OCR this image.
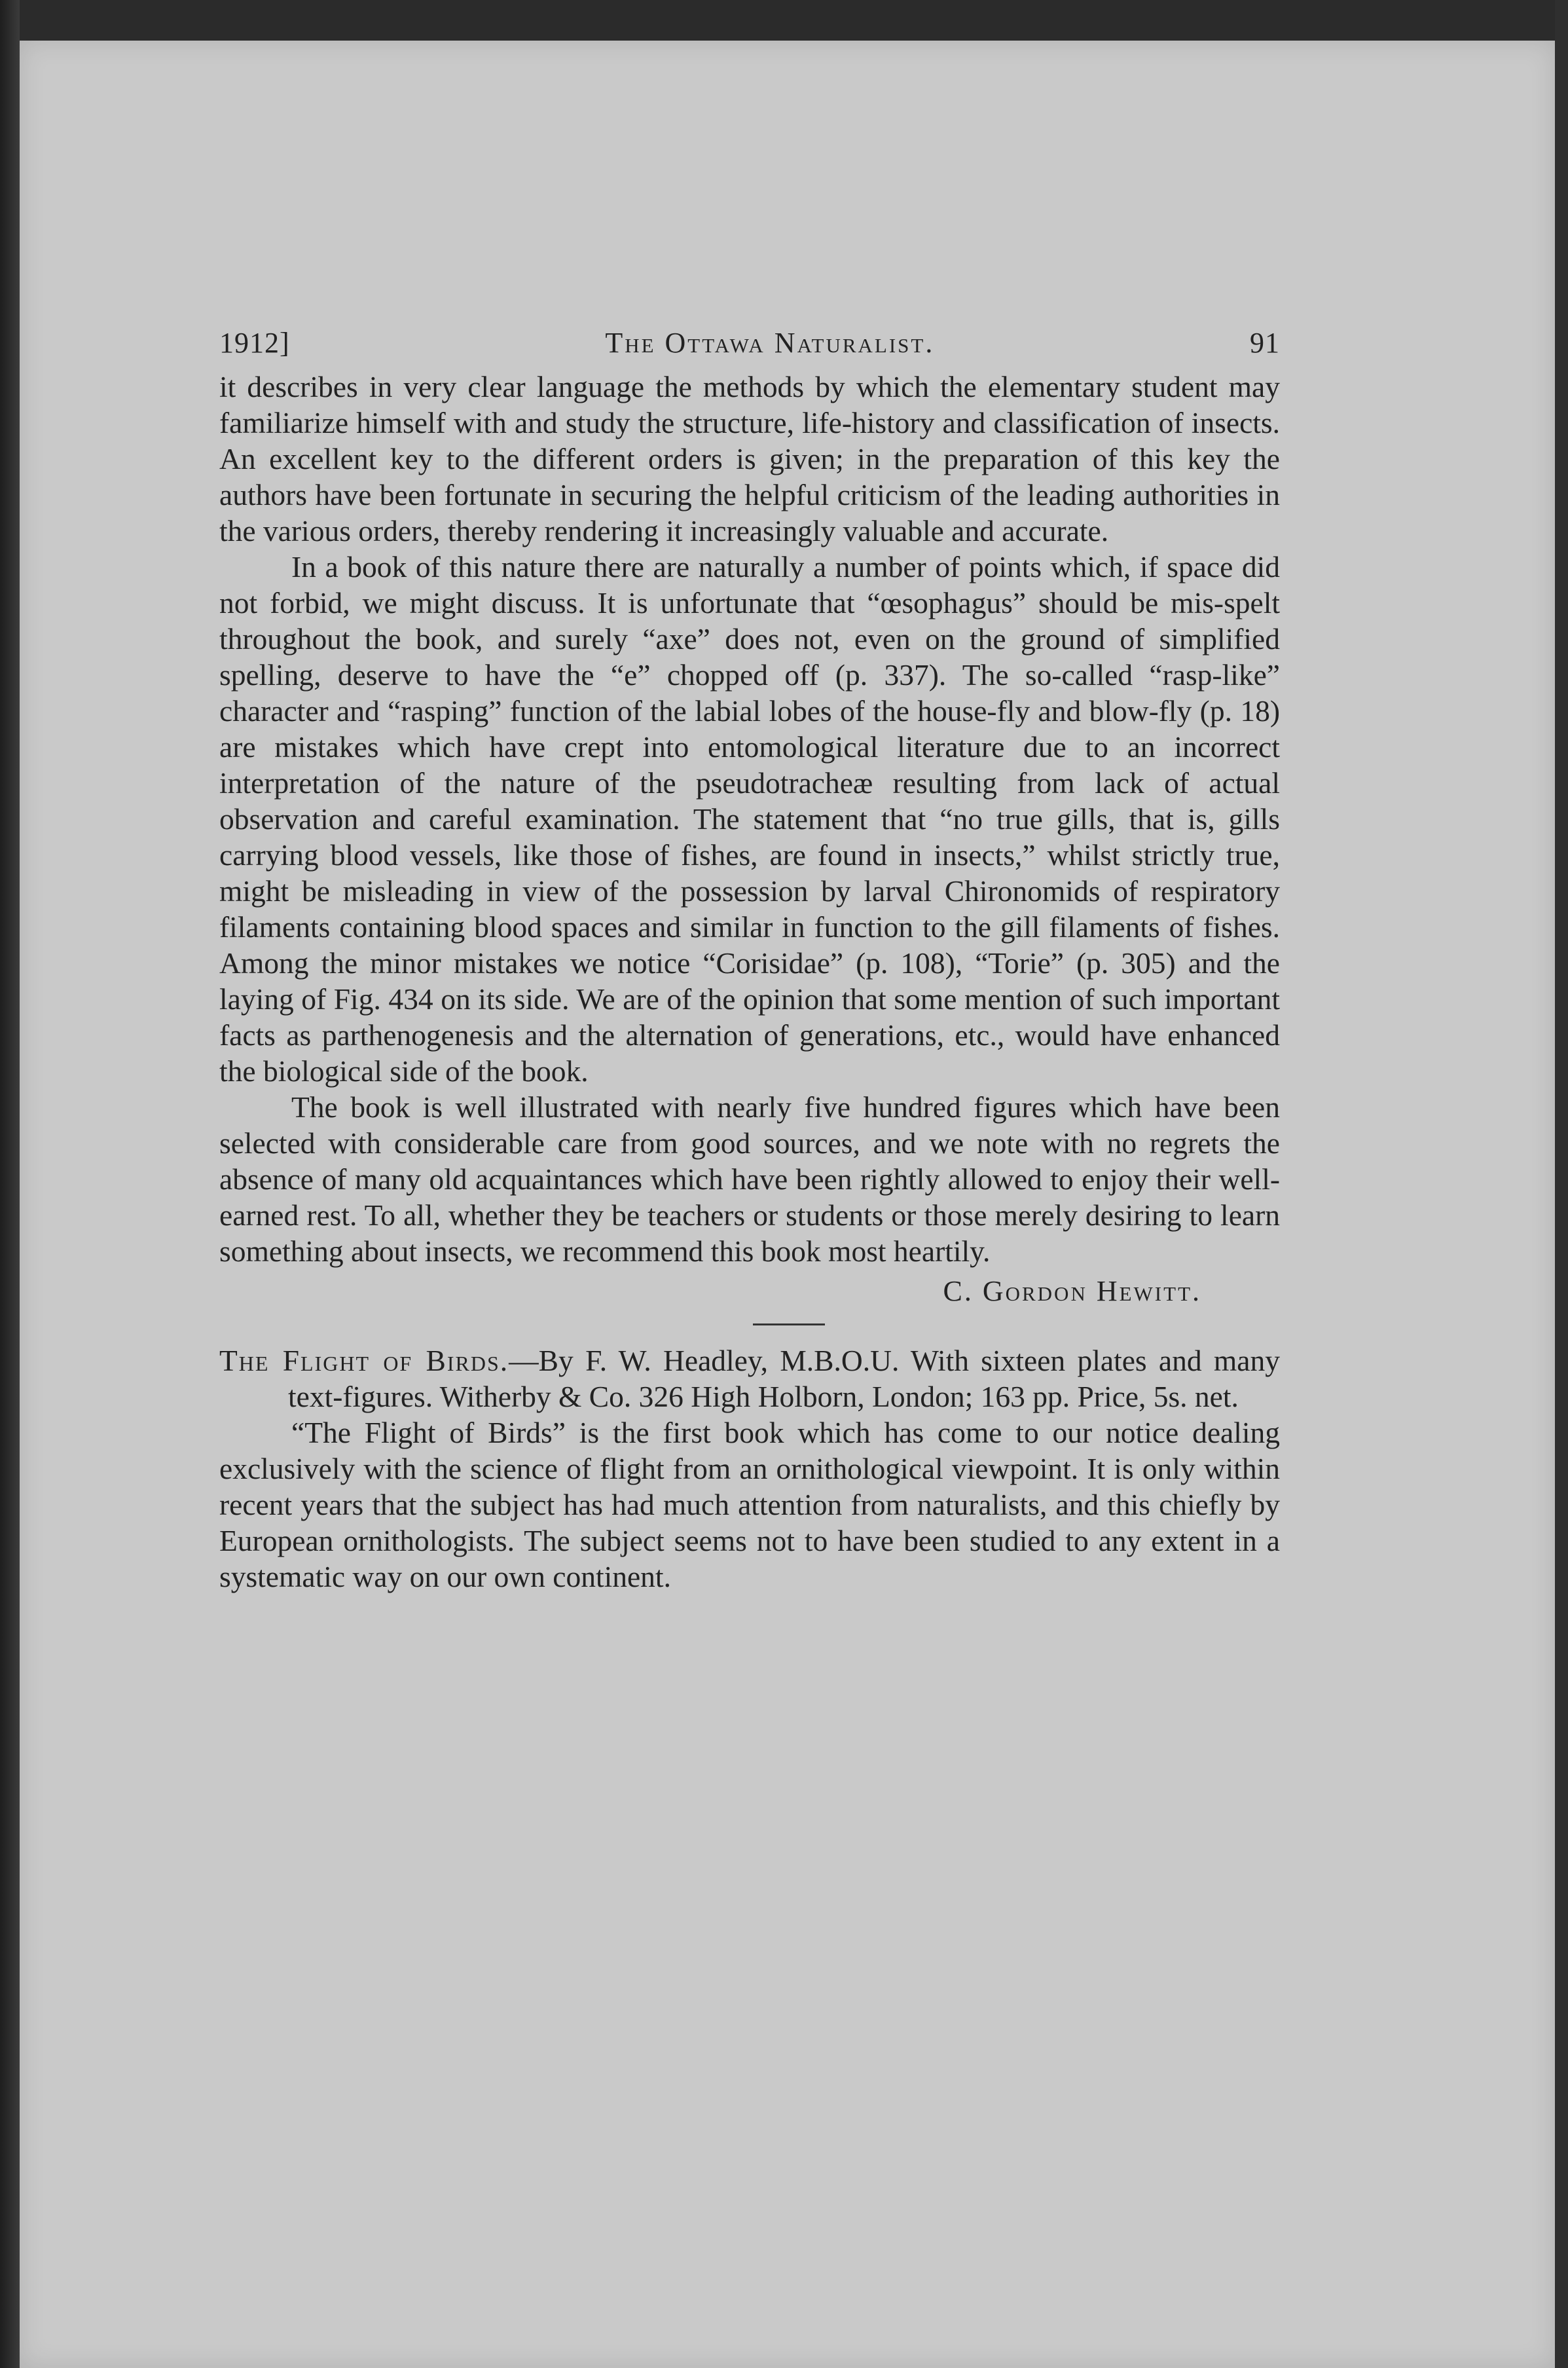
1912]	The Ottawa Naturalist.	91

it describes in very clear language the methods by which the elementary student may familiarize himself with and study the structure, life-history and classification of insects. An excellent key to the different orders is given; in the preparation of this key the authors have been fortunate in securing the helpful criticism of the leading authorities in the various orders, thereby rendering it increasingly valuable and accurate.

In a book of this nature there are naturally a number of points which, if space did not forbid, we might discuss. It is unfortunate that “œsophagus” should be mis-spelt throughout the book, and surely “axe” does not, even on the ground of simplified spelling, deserve to have the “e” chopped off (p. 337). The so-called “rasp-like” character and “rasping” function of the labial lobes of the house-fly and blow-fly (p. 18) are mistakes which have crept into entomological literature due to an incorrect interpretation of the nature of the pseudotracheæ resulting from lack of actual observation and careful examination. The statement that “no true gills, that is, gills carrying blood vessels, like those of fishes, are found in insects,” whilst strictly true, might be misleading in view of the possession by larval Chironomids of respiratory filaments containing blood spaces and similar in function to the gill filaments of fishes. Among the minor mistakes we notice “Corisidae” (p. 108), “Torie” (p. 305) and the laying of Fig. 434 on its side. We are of the opinion that some mention of such important facts as parthenogenesis and the alternation of generations, etc., would have enhanced the biological side of the book.

The book is well illustrated with nearly five hundred figures which have been selected with considerable care from good sources, and we note with no regrets the absence of many old acquaintances which have been rightly allowed to enjoy their well-earned rest. To all, whether they be teachers or students or those merely desiring to learn something about insects, we recommend this book most heartily.

C. Gordon Hewitt.
The Flight of Birds.—By F. W. Headley, M.B.O.U. With sixteen plates and many text-figures. Witherby & Co. 326 High Holborn, London; 163 pp. Price, 5s. net.

“The Flight of Birds” is the first book which has come to our notice dealing exclusively with the science of flight from an ornithological viewpoint. It is only within recent years that the subject has had much attention from naturalists, and this chiefly by European ornithologists. The subject seems not to have been studied to any extent in a systematic way on our own continent.
